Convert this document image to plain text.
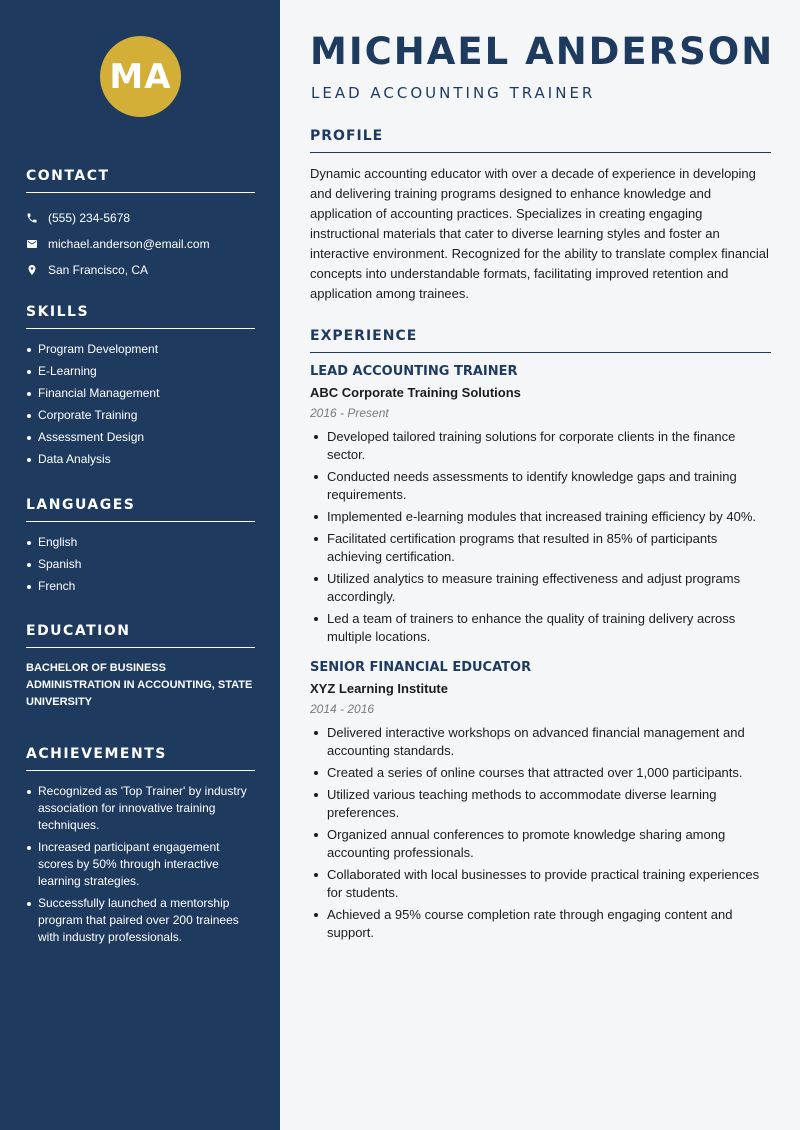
MA
CONTACT
(555) 234-5678
michael.anderson@email.com
San Francisco, CA
SKILLS
Program Development
E-Learning
Financial Management
Corporate Training
Assessment Design
Data Analysis
LANGUAGES
English
Spanish
French
EDUCATION
BACHELOR OF BUSINESS ADMINISTRATION IN ACCOUNTING, STATE UNIVERSITY
ACHIEVEMENTS
Recognized as 'Top Trainer' by industry association for innovative training techniques.
Increased participant engagement scores by 50% through interactive learning strategies.
Successfully launched a mentorship program that paired over 200 trainees with industry professionals.
MICHAEL ANDERSON
LEAD ACCOUNTING TRAINER
PROFILE

Dynamic accounting educator with over a decade of experience in developing and delivering training programs designed to enhance knowledge and application of accounting practices. Specializes in creating engaging instructional materials that cater to diverse learning styles and foster an interactive environment. Recognized for the ability to translate complex financial concepts into understandable formats, facilitating improved retention and application among trainees.

EXPERIENCE
LEAD ACCOUNTING TRAINER
ABC Corporate Training Solutions
2016 - Present
Developed tailored training solutions for corporate clients in the finance sector.
Conducted needs assessments to identify knowledge gaps and training requirements.
Implemented e-learning modules that increased training efficiency by 40%.
Facilitated certification programs that resulted in 85% of participants achieving certification.
Utilized analytics to measure training effectiveness and adjust programs accordingly.
Led a team of trainers to enhance the quality of training delivery across multiple locations.
SENIOR FINANCIAL EDUCATOR
XYZ Learning Institute
2014 - 2016
Delivered interactive workshops on advanced financial management and accounting standards.
Created a series of online courses that attracted over 1,000 participants.
Utilized various teaching methods to accommodate diverse learning preferences.
Organized annual conferences to promote knowledge sharing among accounting professionals.
Collaborated with local businesses to provide practical training experiences for students.
Achieved a 95% course completion rate through engaging content and support.
